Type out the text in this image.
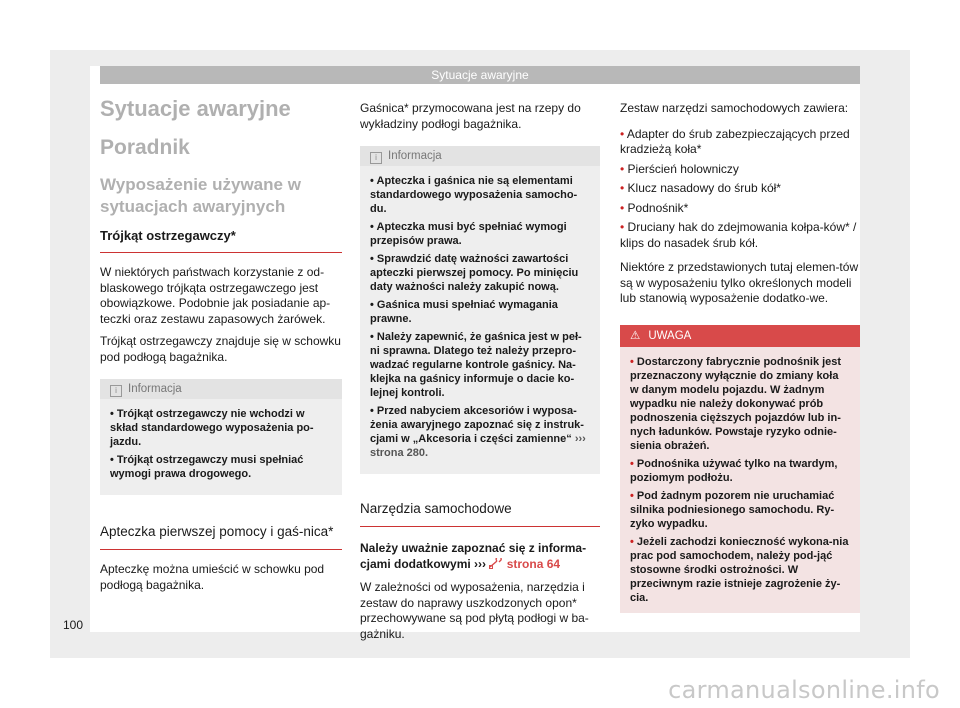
Sytuacje awaryjne
Sytuacje awaryjne
Poradnik
Wyposażenie używane w sytuacjach awaryjnych
Trójkąt ostrzegawczy*

W niektórych państwach korzystanie z od-blaskowego trójkąta ostrzegawczego jest obowiązkowe. Podobnie jak posiadanie ap-teczki oraz zestawu zapasowych żarówek.

Trójkąt ostrzegawczy znajduje się w schowku pod podłogą bagażnika.

i Informacja
• Trójkąt ostrzegawczy nie wchodzi w skład standardowego wyposażenia po-jazdu.
• Trójkąt ostrzegawczy musi spełniać wymogi prawa drogowego.
Apteczka pierwszej pomocy i gaś-nica*

Apteczkę można umieścić w schowku pod podłogą bagażnika.

Gaśnica* przymocowana jest na rzepy do wykładziny podłogi bagażnika.

i Informacja
• Apteczka i gaśnica nie są elementami standardowego wyposażenia samocho-du.
• Apteczka musi być spełniać wymogi przepisów prawa.
• Sprawdzić datę ważności zawartości apteczki pierwszej pomocy. Po minięciu daty ważności należy zakupić nową.
• Gaśnica musi spełniać wymagania prawne.
• Należy zapewnić, że gaśnica jest w peł-ni sprawna. Dlatego też należy przepro-wadzać regularne kontrole gaśnicy. Na-klejka na gaśnicy informuje o dacie ko-lejnej kontroli.
• Przed nabyciem akcesoriów i wyposa-żenia awaryjnego zapoznać się z instruk-cjami w „Akcesoria i części zamienne“ ››› strona 280.
Narzędzia samochodowe

Należy uważnie zapoznać się z informa-cjami dodatkowymi ››› strona 64

W zależności od wyposażenia, narzędzia i zestaw do naprawy uszkodzonych opon* przechowywane są pod płytą podłogi w ba-gażniku.

Zestaw narzędzi samochodowych zawiera:

• Adapter do śrub zabezpieczających przed kradzieżą koła*

• Pierścień holowniczy

• Klucz nasadowy do śrub kół*

• Podnośnik*

• Druciany hak do zdejmowania kołpa-ków* / klips do nasadek śrub kół.

Niektóre z przedstawionych tutaj elemen-tów są w wyposażeniu tylko określonych modeli lub stanowią wyposażenie dodatko-we.

⚠ UWAGA
• Dostarczony fabrycznie podnośnik jest przeznaczony wyłącznie do zmiany koła w danym modelu pojazdu. W żadnym wypadku nie należy dokonywać prób podnoszenia cięższych pojazdów lub in-nych ładunków. Powstaje ryzyko odnie-sienia obrażeń.
• Podnośnika używać tylko na twardym, poziomym podłożu.
• Pod żadnym pozorem nie uruchamiać silnika podniesionego samochodu. Ry-zyko wypadku.
• Jeżeli zachodzi konieczność wykona-nia prac pod samochodem, należy pod-jąć stosowne środki ostrożności. W przeciwnym razie istnieje zagrożenie ży-cia.
100
carmanualsonline.info
